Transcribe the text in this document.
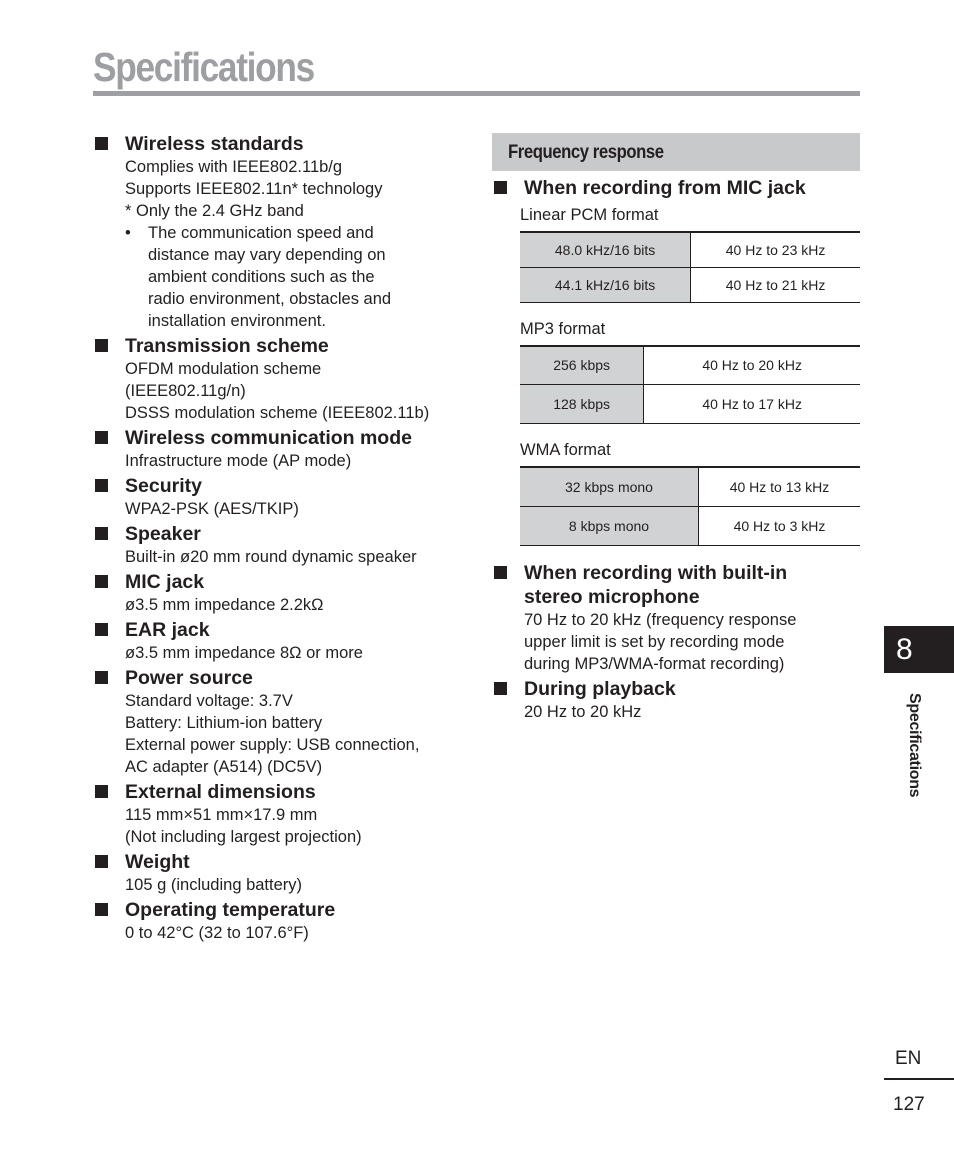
Specifications
Wireless standards
Complies with IEEE802.11b/g
Supports IEEE802.11n* technology
* Only the 2.4 GHz band
• The communication speed and
distance may vary depending on
ambient conditions such as the
radio environment, obstacles and
installation environment.
Transmission scheme
OFDM modulation scheme
(IEEE802.11g/n)
DSSS modulation scheme (IEEE802.11b)
Wireless communication mode
Infrastructure mode (AP mode)
Security
WPA2-PSK (AES/TKIP)
Speaker
Built-in ø20 mm round dynamic speaker
MIC jack
ø3.5 mm impedance 2.2kΩ
EAR jack
ø3.5 mm impedance 8Ω or more
Power source
Standard voltage: 3.7V
Battery: Lithium-ion battery
External power supply: USB connection,
AC adapter (A514) (DC5V)
External dimensions
115 mm×51 mm×17.9 mm
(Not including largest projection)
Weight
105 g (including battery)
Operating temperature
0 to 42°C (32 to 107.6°F)
Frequency response
When recording from MIC jack
Linear PCM format
48.0 kHz/16 bits	40 Hz to 23 kHz
44.1 kHz/16 bits	40 Hz to 21 kHz
MP3 format
256 kbps	40 Hz to 20 kHz
128 kbps	40 Hz to 17 kHz
WMA format
32 kbps mono	40 Hz to 13 kHz
8 kbps mono	40 Hz to 3 kHz
When recording with built-in
stereo microphone
70 Hz to 20 kHz (frequency response
upper limit is set by recording mode
during MP3/WMA-format recording)
During playback
20 Hz to 20 kHz
8
Specifications
EN
127
